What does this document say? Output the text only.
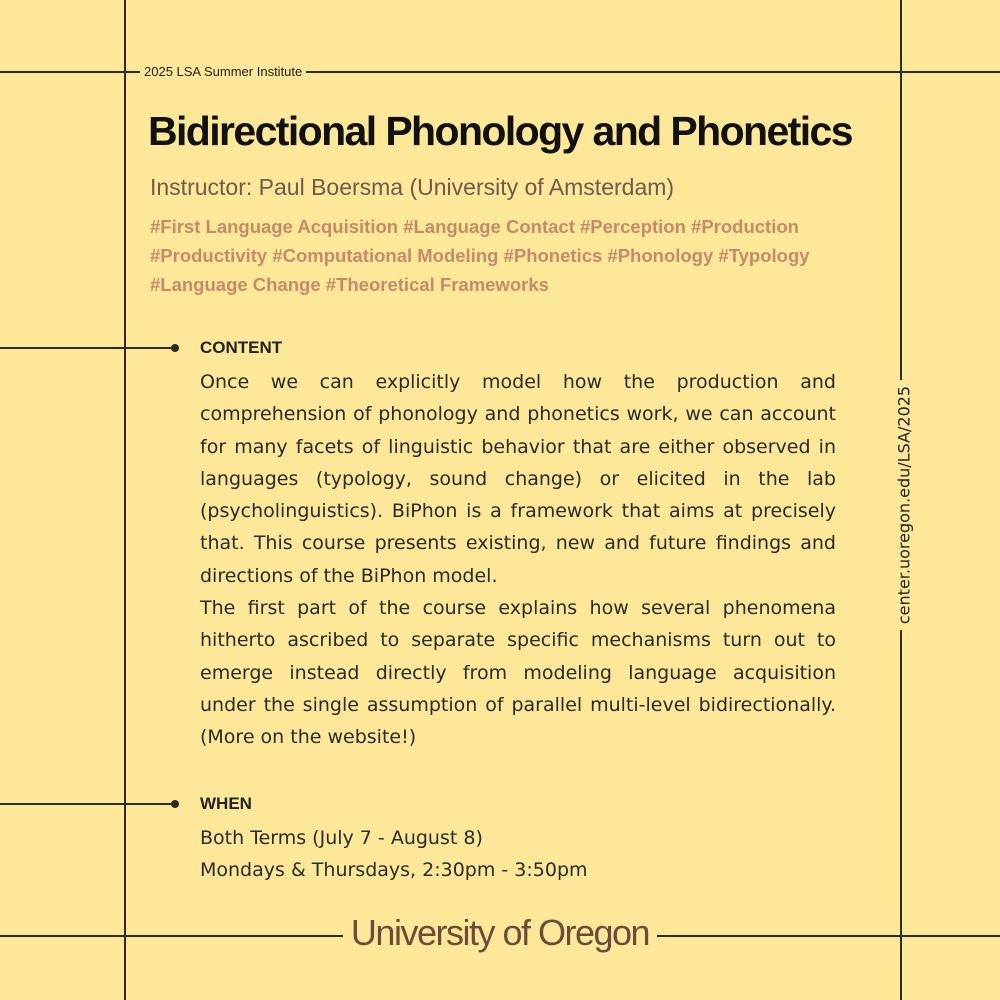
2025 LSA Summer Institute
Bidirectional Phonology and Phonetics
Instructor: Paul Boersma (University of Amsterdam)
#First Language Acquisition #Language Contact #Perception #Production #Productivity #Computational Modeling #Phonetics #Phonology #Typology #Language Change #Theoretical Frameworks
CONTENT

Once we can explicitly model how the production and comprehension of phonology and phonetics work, we can account for many facets of linguistic behavior that are either observed in languages (typology, sound change) or elicited in the lab (psycholinguistics). BiPhon is a framework that aims at precisely that. This course presents existing, new and future findings and directions of the BiPhon model.

The first part of the course explains how several phenomena hitherto ascribed to separate specific mechanisms turn out to emerge instead directly from modeling language acquisition under the single assumption of parallel multi-level bidirectionally. (More on the website!)

WHEN
Both Terms (July 7 - August 8)
Mondays & Thursdays, 2:30pm - 3:50pm
center.uoregon.edu/LSA/2025
University of Oregon
